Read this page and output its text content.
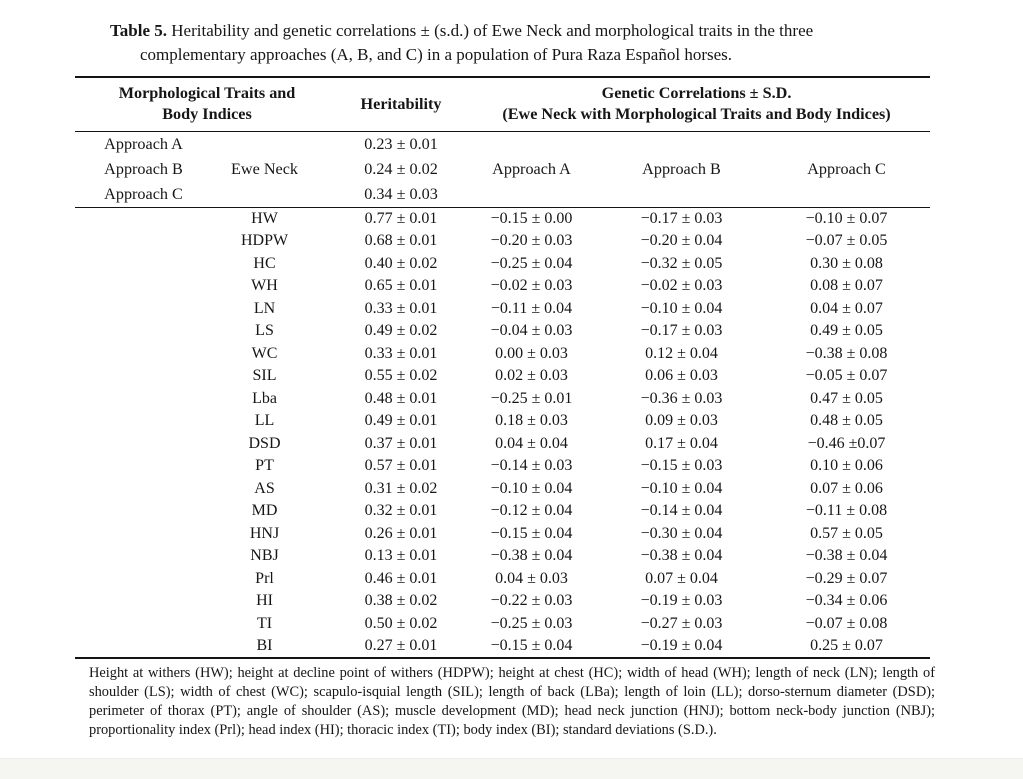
Table 5. Heritability and genetic correlations ± (s.d.) of Ewe Neck and morphological traits in the three complementary approaches (A, B, and C) in a population of Pura Raza Español horses.
Morphological Traits and
Body Indices
	Heritability	
Genetic Correlations ± S.D.
(Ewe Neck with Morphological Traits and Body Indices)

Approach A		0.23 ± 0.01			
Approach B	Ewe Neck	0.24 ± 0.02	Approach A	Approach B	Approach C
Approach C		0.34 ± 0.03			
	HW	0.77 ± 0.01	−0.15 ± 0.00	−0.17 ± 0.03	−0.10 ± 0.07
	HDPW	0.68 ± 0.01	−0.20 ± 0.03	−0.20 ± 0.04	−0.07 ± 0.05
	HC	0.40 ± 0.02	−0.25 ± 0.04	−0.32 ± 0.05	0.30 ± 0.08
	WH	0.65 ± 0.01	−0.02 ± 0.03	−0.02 ± 0.03	0.08 ± 0.07
	LN	0.33 ± 0.01	−0.11 ± 0.04	−0.10 ± 0.04	0.04 ± 0.07
	LS	0.49 ± 0.02	−0.04 ± 0.03	−0.17 ± 0.03	0.49 ± 0.05
	WC	0.33 ± 0.01	0.00 ± 0.03	0.12 ± 0.04	−0.38 ± 0.08
	SIL	0.55 ± 0.02	0.02 ± 0.03	0.06 ± 0.03	−0.05 ± 0.07
	Lba	0.48 ± 0.01	−0.25 ± 0.01	−0.36 ± 0.03	0.47 ± 0.05
	LL	0.49 ± 0.01	0.18 ± 0.03	0.09 ± 0.03	0.48 ± 0.05
	DSD	0.37 ± 0.01	0.04 ± 0.04	0.17 ± 0.04	−0.46 ±0.07
	PT	0.57 ± 0.01	−0.14 ± 0.03	−0.15 ± 0.03	0.10 ± 0.06
	AS	0.31 ± 0.02	−0.10 ± 0.04	−0.10 ± 0.04	0.07 ± 0.06
	MD	0.32 ± 0.01	−0.12 ± 0.04	−0.14 ± 0.04	−0.11 ± 0.08
	HNJ	0.26 ± 0.01	−0.15 ± 0.04	−0.30 ± 0.04	0.57 ± 0.05
	NBJ	0.13 ± 0.01	−0.38 ± 0.04	−0.38 ± 0.04	−0.38 ± 0.04
	Prl	0.46 ± 0.01	0.04 ± 0.03	0.07 ± 0.04	−0.29 ± 0.07
	HI	0.38 ± 0.02	−0.22 ± 0.03	−0.19 ± 0.03	−0.34 ± 0.06
	TI	0.50 ± 0.02	−0.25 ± 0.03	−0.27 ± 0.03	−0.07 ± 0.08
	BI	0.27 ± 0.01	−0.15 ± 0.04	−0.19 ± 0.04	0.25 ± 0.07
Height at withers (HW); height at decline point of withers (HDPW); height at chest (HC); width of head (WH); length of neck (LN); length of shoulder (LS); width of chest (WC); scapulo-isquial length (SIL); length of back (LBa); length of loin (LL); dorso-sternum diameter (DSD); perimeter of thorax (PT); angle of shoulder (AS); muscle development (MD); head neck junction (HNJ); bottom neck-body junction (NBJ); proportionality index (Prl); head index (HI); thoracic index (TI); body index (BI); standard deviations (S.D.).
